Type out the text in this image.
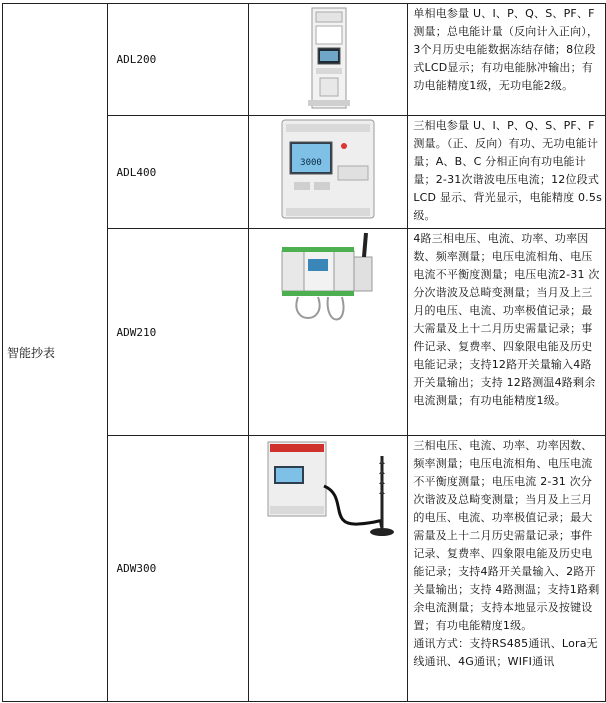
智能抄表	ADL200		单相电参量 U、I、P、Q、S、PF、F测量；总电能计量（反向计入正向），3个月历史电能数据冻结存储；8位段式LCD显示；有功电能脉冲输出；有功电能精度1级，无功电能2级。

	ADL400	3000	三相电参量 U、I、P、Q、S、PF、F测量。（正、反向）有功、无功电能计量；A、B、C 分相正向有功电能计量；2-31次谐波电压电流；12位段式 LCD 显示、背光显示，电能精度 0.5s 级。

	ADW210		4路三相电压、电流、功率、功率因数、频率测量；电压电流相角、电压电流不平衡度测量；电压电流2-31 次分次谐波及总畸变测量；当月及上三月的电压、电流、功率极值记录；最大需量及上十二月历史需量记录；事件记录、复费率、四象限电能及历史电能记录；支持12路开关量输入4路开关量输出；支持 12路测温4路剩余电流测量；有功电能精度1级。

	ADW300		三相电压、电流、功率、功率因数、频率测量；电压电流相角、电压电流不平衡度测量；电压电流 2-31 次分次谐波及总畸变测量；当月及上三月的电压、电流、功率极值记录；最大需量及上十二月历史需量记录；事件记录、复费率、四象限电能及历史电能记录；支持4路开关量输入、2路开关量输出；支持 4路测温；支持1路剩余电流测量；支持本地显示及按键设置；有功电能精度1级。
通讯方式：支持RS485通讯、Lora无线通讯、4G通讯；WIFI通讯
